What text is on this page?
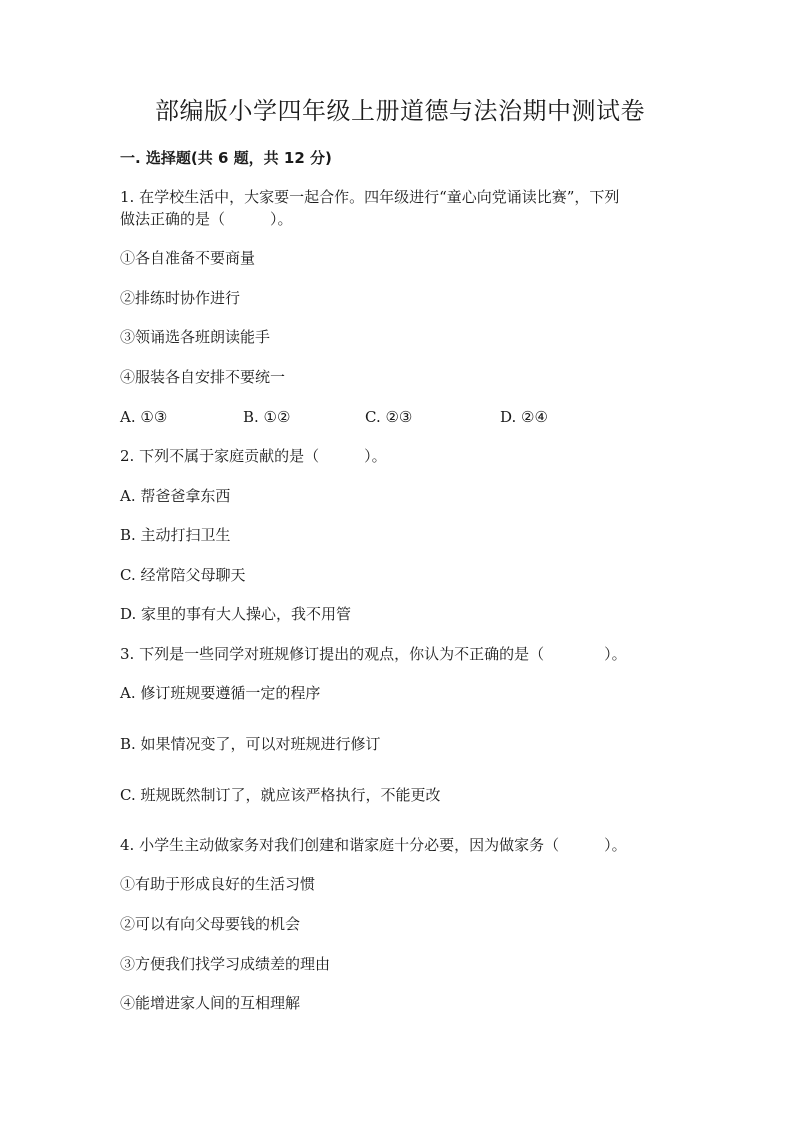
部编版小学四年级上册道德与法治期中测试卷
一. 选择题(共 6 题，共 12 分)
1. 在学校生活中，大家要一起合作。四年级进行“童心向党诵读比赛”，下列
做法正确的是（　　　）。
①各自准备不要商量
②排练时协作进行
③领诵选各班朗读能手
④服装各自安排不要统一
A. ①③	B. ①②	C. ②③	D. ②④
2. 下列不属于家庭贡献的是（　　　）。
A. 帮爸爸拿东西
B. 主动打扫卫生
C. 经常陪父母聊天
D. 家里的事有大人操心，我不用管
3. 下列是一些同学对班规修订提出的观点，你认为不正确的是（　　　　）。
A. 修订班规要遵循一定的程序
B. 如果情况变了，可以对班规进行修订
C. 班规既然制订了，就应该严格执行，不能更改
4. 小学生主动做家务对我们创建和谐家庭十分必要，因为做家务（　　　）。
①有助于形成良好的生活习惯
②可以有向父母要钱的机会
③方便我们找学习成绩差的理由
④能增进家人间的互相理解
